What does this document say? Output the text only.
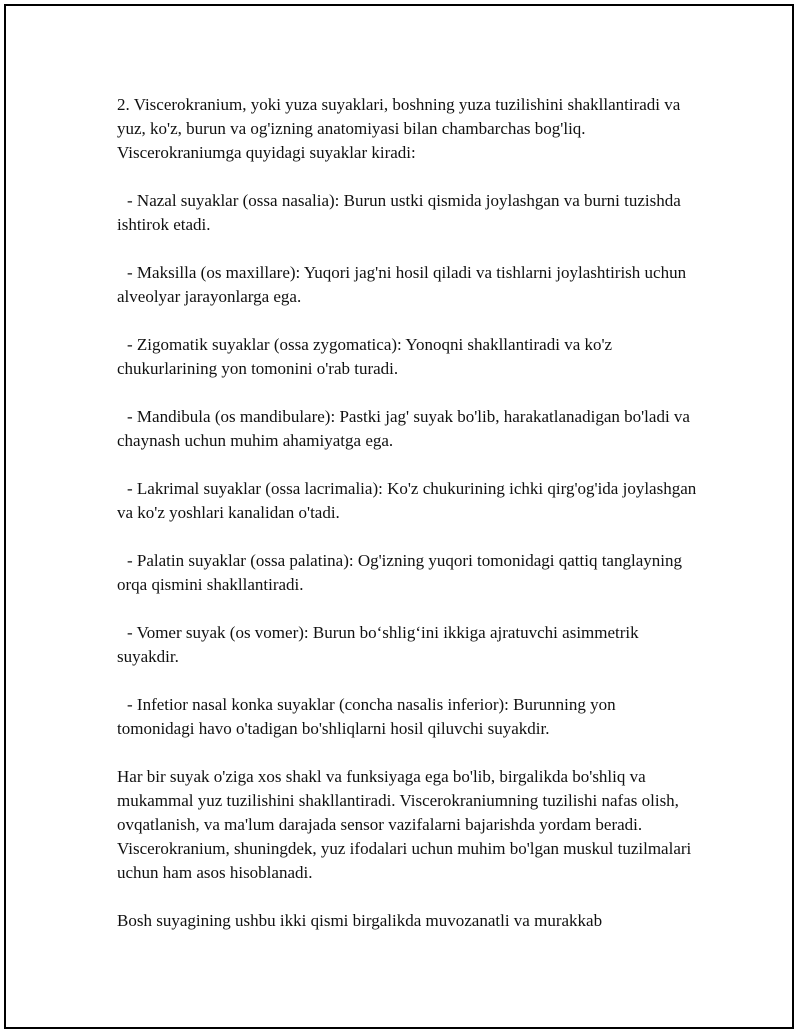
2. Viscerokranium, yoki yuza suyaklari, boshning yuza tuzilishini shakllantiradi va yuz, ko'z, burun va og'izning anatomiyasi bilan chambarchas bog'liq. Viscerokraniumga quyidagi suyaklar kiradi:

- Nazal suyaklar (ossa nasalia): Burun ustki qismida joylashgan va burni tuzishda ishtirok etadi.

- Maksilla (os maxillare): Yuqori jag'ni hosil qiladi va tishlarni joylashtirish uchun alveolyar jarayonlarga ega.

- Zigomatik suyaklar (ossa zygomatica): Yonoqni shakllantiradi va ko'z chukurlarining yon tomonini o'rab turadi.

- Mandibula (os mandibulare): Pastki jag' suyak bo'lib, harakatlanadigan bo'ladi va chaynash uchun muhim ahamiyatga ega.

- Lakrimal suyaklar (ossa lacrimalia): Ko'z chukurining ichki qirg'og'ida joylashgan va ko'z yoshlari kanalidan o'tadi.

- Palatin suyaklar (ossa palatina): Og'izning yuqori tomonidagi qattiq tanglayning orqa qismini shakllantiradi.

- Vomer suyak (os vomer): Burun boʻshligʻini ikkiga ajratuvchi asimmetrik suyakdir.

- Infetior nasal konka suyaklar (concha nasalis inferior): Burunning yon tomonidagi havo o'tadigan bo'shliqlarni hosil qiluvchi suyakdir.

Har bir suyak o'ziga xos shakl va funksiyaga ega bo'lib, birgalikda bo'shliq va mukammal yuz tuzilishini shakllantiradi. Viscerokraniumning tuzilishi nafas olish, ovqatlanish, va ma'lum darajada sensor vazifalarni bajarishda yordam beradi. Viscerokranium, shuningdek, yuz ifodalari uchun muhim bo'lgan muskul tuzilmalari uchun ham asos hisoblanadi.

Bosh suyagining ushbu ikki qismi birgalikda muvozanatli va murakkab
